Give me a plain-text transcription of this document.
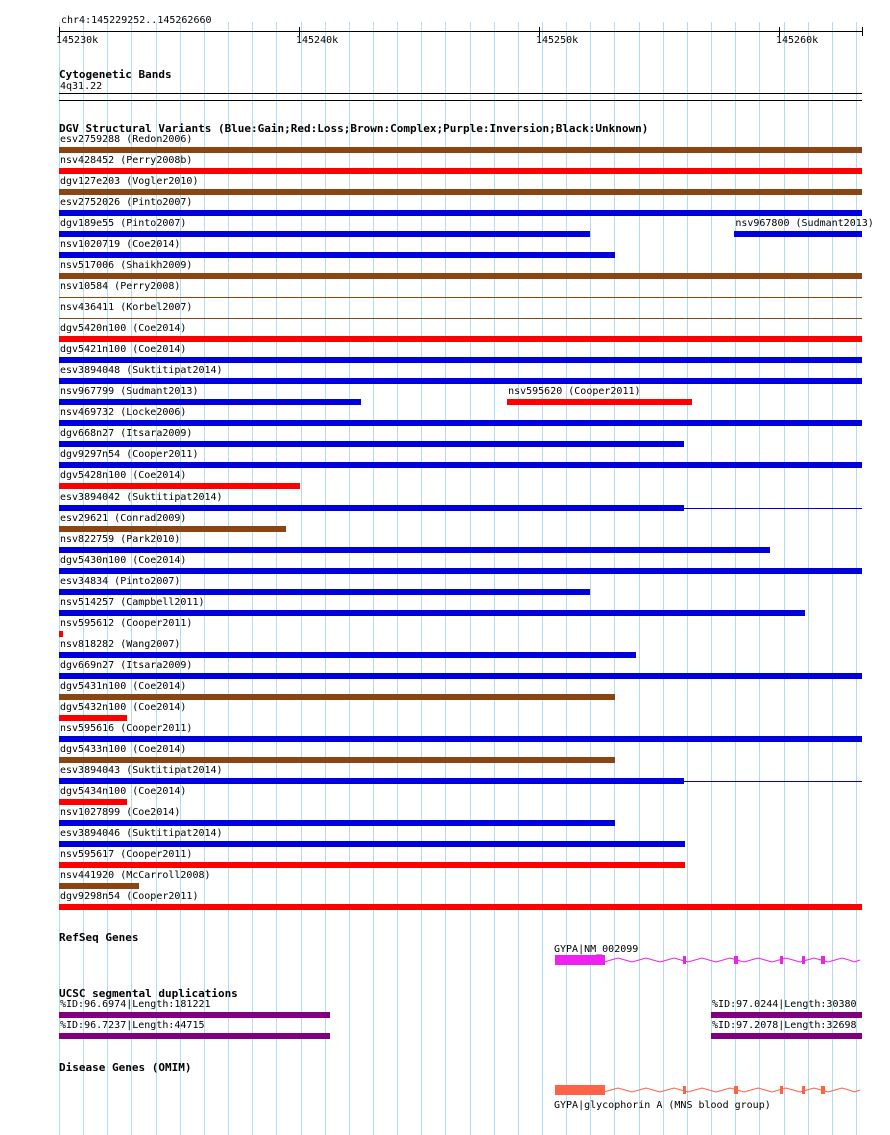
chr4:145229252..145262660
145230k	145240k	145250k	145260k
Cytogenetic Bands
4q31.22
DGV Structural Variants (Blue:Gain;Red:Loss;Brown:Complex;Purple:Inversion;Black:Unknown)
esv2759288 (Redon2006)
nsv428452 (Perry2008b)
dgv127e203 (Vogler2010)
esv2752026 (Pinto2007)
dgv189e55 (Pinto2007)	nsv967800 (Sudmant2013)
nsv1020719 (Coe2014)
nsv517006 (Shaikh2009)
nsv10584 (Perry2008)
nsv436411 (Korbel2007)
dgv5420n100 (Coe2014)
dgv5421n100 (Coe2014)
esv3894048 (Suktitipat2014)
nsv967799 (Sudmant2013)	nsv595620 (Cooper2011)
nsv469732 (Locke2006)
dgv668n27 (Itsara2009)
dgv9297n54 (Cooper2011)
dgv5428n100 (Coe2014)
esv3894042 (Suktitipat2014)
esv29621 (Conrad2009)
nsv822759 (Park2010)
dgv5430n100 (Coe2014)
esv34834 (Pinto2007)
nsv514257 (Campbell2011)
nsv595612 (Cooper2011)
nsv818282 (Wang2007)
dgv669n27 (Itsara2009)
dgv5431n100 (Coe2014)
dgv5432n100 (Coe2014)
nsv595616 (Cooper2011)
dgv5433n100 (Coe2014)
esv3894043 (Suktitipat2014)
dgv5434n100 (Coe2014)
nsv1027899 (Coe2014)
esv3894046 (Suktitipat2014)
nsv595617 (Cooper2011)
nsv441920 (McCarroll2008)
dgv9298n54 (Cooper2011)
RefSeq Genes
GYPA|NM_002099
UCSC segmental duplications
%ID:96.6974|Length:181221	%ID:97.0244|Length:30380
%ID:96.7237|Length:44715	%ID:97.2078|Length:32698
Disease Genes (OMIM)
GYPA|glycophorin A (MNS blood group)
